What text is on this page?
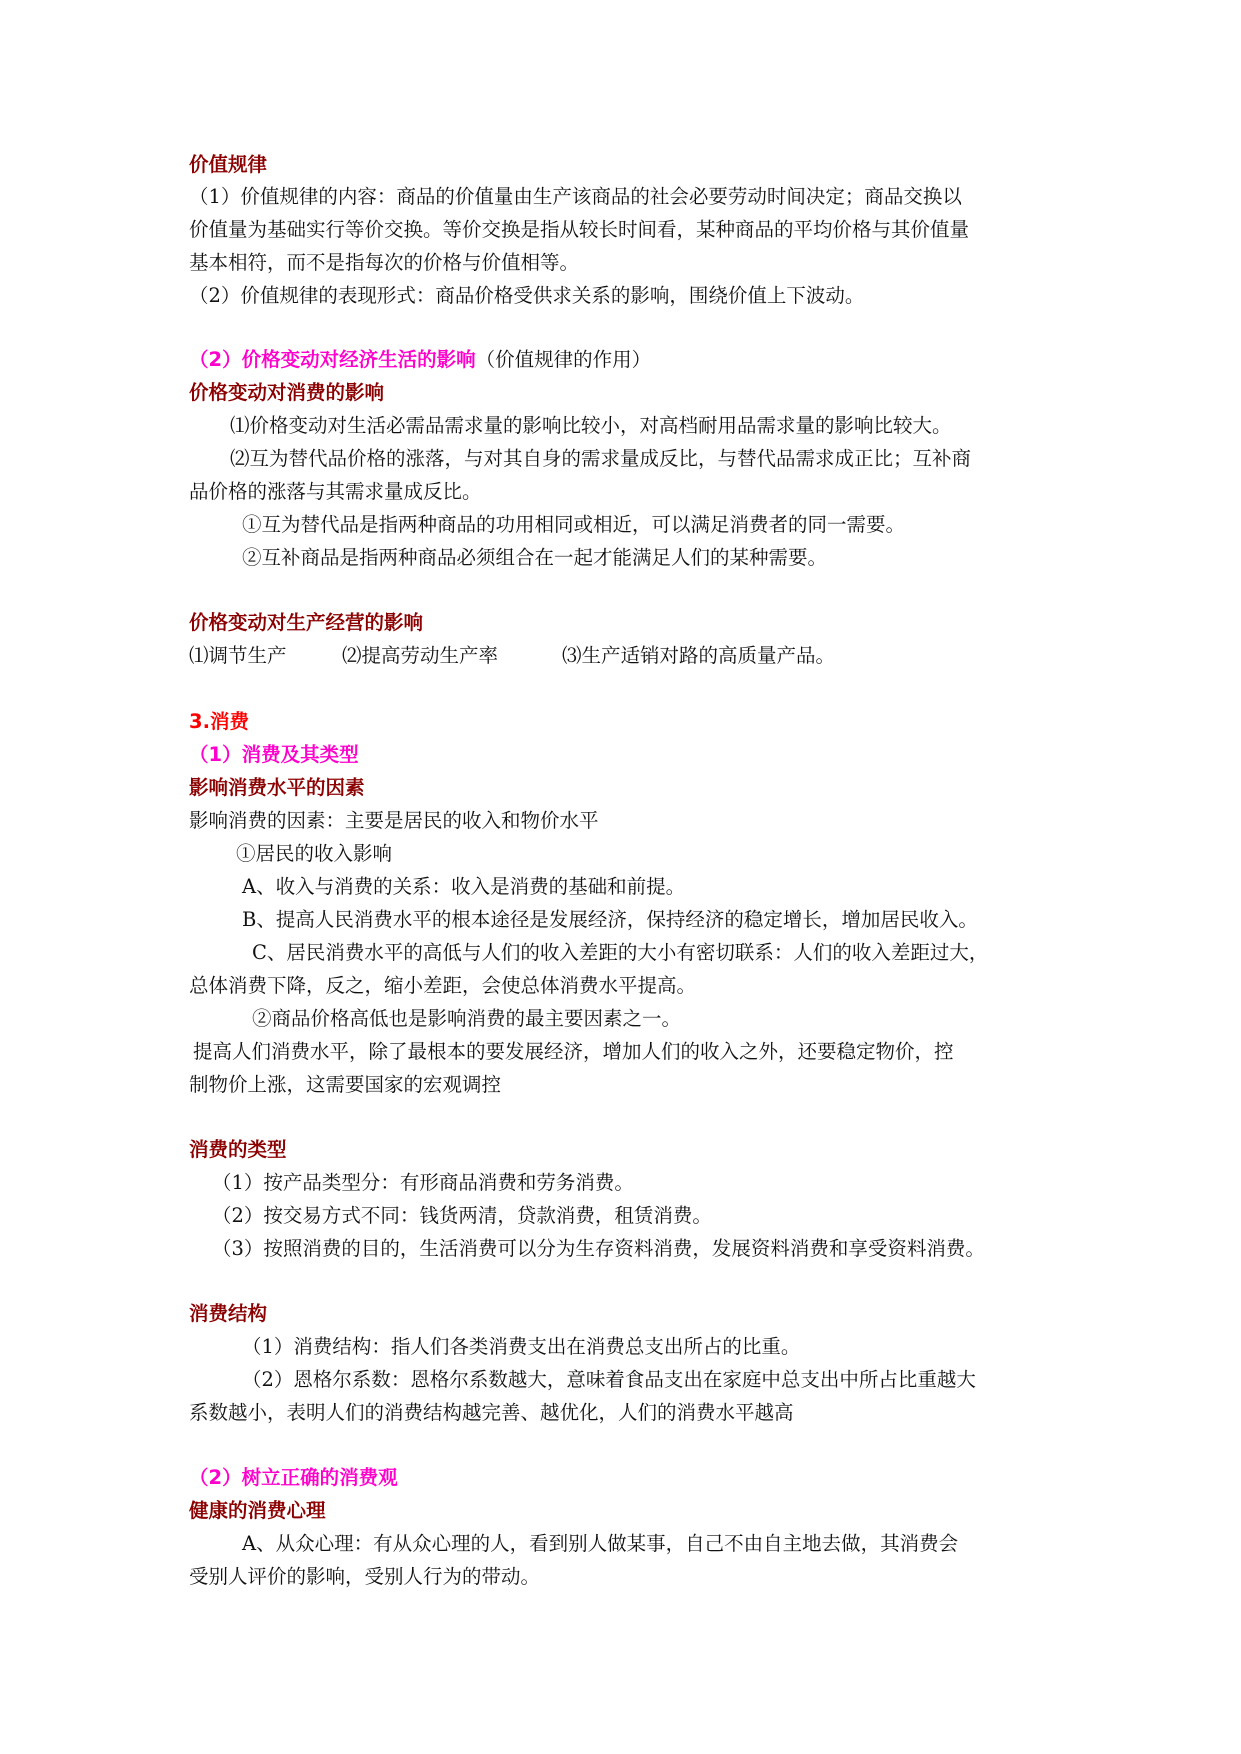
价值规律
（1）价值规律的内容：商品的价值量由生产该商品的社会必要劳动时间决定；商品交换以
价值量为基础实行等价交换。等价交换是指从较长时间看，某种商品的平均价格与其价值量
基本相符，而不是指每次的价格与价值相等。
（2）价值规律的表现形式：商品价格受供求关系的影响，围绕价值上下波动。
（2）价格变动对经济生活的影响（价值规律的作用）
价格变动对消费的影响
⑴价格变动对生活必需品需求量的影响比较小，对高档耐用品需求量的影响比较大。
⑵互为替代品价格的涨落，与对其自身的需求量成反比，与替代品需求成正比；互补商
品价格的涨落与其需求量成反比。
①互为替代品是指两种商品的功用相同或相近，可以满足消费者的同一需要。
②互补商品是指两种商品必须组合在一起才能满足人们的某种需要。
价格变动对生产经营的影响
⑴调节生产	⑵提高劳动生产率	⑶生产适销对路的高质量产品。
3.消费
（1）消费及其类型
影响消费水平的因素
影响消费的因素：主要是居民的收入和物价水平
①居民的收入影响
A、收入与消费的关系：收入是消费的基础和前提。
B、提高人民消费水平的根本途径是发展经济，保持经济的稳定增长，增加居民收入。
C、居民消费水平的高低与人们的收入差距的大小有密切联系：人们的收入差距过大，
总体消费下降，反之，缩小差距，会使总体消费水平提高。
②商品价格高低也是影响消费的最主要因素之一。
提高人们消费水平，除了最根本的要发展经济，增加人们的收入之外，还要稳定物价，控
制物价上涨，这需要国家的宏观调控
消费的类型
（1）按产品类型分：有形商品消费和劳务消费。
（2）按交易方式不同：钱货两清，贷款消费，租赁消费。
（3）按照消费的目的，生活消费可以分为生存资料消费，发展资料消费和享受资料消费。
消费结构
（1）消费结构：指人们各类消费支出在消费总支出所占的比重。
（2）恩格尔系数：恩格尔系数越大，意味着食品支出在家庭中总支出中所占比重越大
系数越小，表明人们的消费结构越完善、越优化，人们的消费水平越高
（2）树立正确的消费观
健康的消费心理
A、从众心理：有从众心理的人，看到别人做某事，自己不由自主地去做，其消费会
受别人评价的影响，受别人行为的带动。
